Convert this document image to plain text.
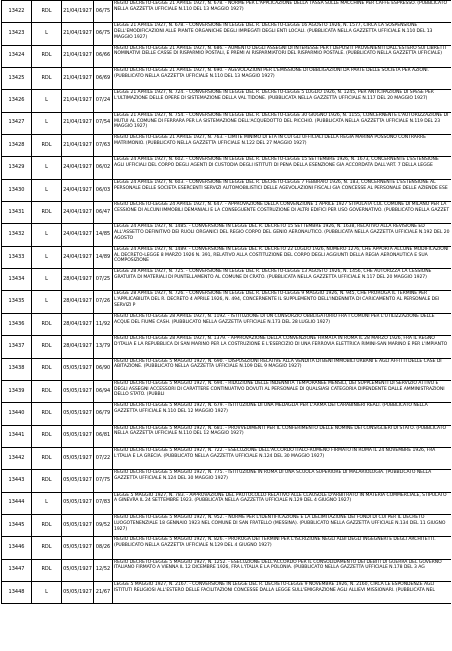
13422	RDL	21/04/1927	06/75	REGIO DECRETO-LEGGE 21 APRILE 1927, N. 678. - NORME PER L'APPLICAZIONE DELLA TASSA SULLE MACCHINE PER CAFFE ESPRESSO. (PUBBLICATO NELLA GAZZETTA UFFICIALE N.110 DEL 13 MAGGIO 1927)
13423	L	21/04/1927	06/75	LEGGE 21 APRILE 1927, N. 678. - CONVERSIONE IN LEGGE DEL R. DECRETO-LEGGE 16 AGOSTO 1926, N. 1577, CIRCA LA SOSPENSIONE DELL'EMODIFICAZIONI ALLE PIANTE ORGANICHE DEGLI IMPIEGATI DEGLI ENTI LOCALI. (PUBBLICATA NELLA GAZZETTA UFFICIALE N.110 DEL 13 MAGGIO 1927)
13424	RDL	21/04/1927	06/66	REGIO DECRETO-LEGGE 21 APRILE 1927, N. 686. - AUMENTO DEGLI ASSEGNI DI INTERESSE PER I DEPOSITI PROVENIENTI DALL'ESTERO SUI LIBRETTI NOMINATIVI DELLE CASSE DI RISPARMIO POSTALI, E PREMI AI RISPARMIATORI DEL RISPARMIO POSTALE. (PUBBLICATO NELLA GAZZETTA UFFICIALE)
13425	RDL	21/04/1927	06/69	REGIO DECRETO-LEGGE 21 APRILE 1927, N. 690. - AGEVOLAZIONI PER L'EMISSIONE DI OBBLIGAZIONI DA PARTE DELLE SOCIETA PER AZIONI. (PUBBLICATO NELLA GAZZETTA UFFICIALE N.110 DEL 13 MAGGIO 1927)
13426	L	21/04/1927	07/24	LEGGE 21 APRILE 1927, N. 724. - CONVERSIONE IN LEGGE DEL R. DECRETO-LEGGE 5 LUGLIO 1926, N. 1245, PER ANTICIPAZIONE DI SPESE PER L'ULTIMAZIONE DELLE OPERE DI SISTEMAZIONE DELLA VAL TIDONE. (PUBBLICATA NELLA GAZZETTA UFFICIALE N.117 DEL 20 MAGGIO 1927)
13427	L	21/04/1927	07/54	LEGGE 21 APRILE 1927, N. 754. - CONVERSIONE IN LEGGE DEL R. DECRETO-LEGGE 30 GIUGNO 1926, N. 1155, CONCERNENTE L'AUTORIZZAZIONE DI MUTUI AL COMUNE DI FERRARA PER LA SISTEMAZIONE DELL'ACQUEDOTTO DEL PICCHIO. (PUBBLICATA NELLA GAZZETTA UFFICIALE N.119 DEL 23 MAGGIO 1927)
13428	RDL	21/04/1927	07/63	REGIO DECRETO-LEGGE 21 APRILE 1927, N. 763. - LIMITE MINIMO DI ETA IN CUI GLI UFFICIALI DELLA REGIA MARINA POSSONO CONTRARRE MATRIMONIO. (PUBBLICATO NELLA GAZZETTA UFFICIALE N.122 DEL 27 MAGGIO 1927)
13429	L	24/04/1927	06/02	LEGGE 24 APRILE 1927, N. 602. - CONVERSIONE IN LEGGE DEL R. DECRETO-LEGGE 15 SETTEMBRE 1926, N. 1673, CONCERNENTE L'ESTENSIONE AGLI UFFICIALI DEL CORPO DEGLI AGENTI DI CUSTODIA DEGLI ISTITUTI DI PENA DELLA ESENZIONE GIA ACCORDATA DALL'ART. 7 DELLA LEGGE
13430	L	24/04/1927	06/03	LEGGE 24 APRILE 1927, N. 603. - CONVERSIONE IN LEGGE DEL R. DECRETO-LEGGE 7 FEBBRAIO 1926, N. 183, CONCERNENTE L'ESTENSIONE AL PERSONALE DELLE SOCIETA ESERCENTI SERVIZI AUTOMOBILISTICI DELLE AGEVOLAZIONI FISCALI GIA CONCESSE AL PERSONALE DELLE AZIENDE ESE
13431	RDL	24/04/1927	06/47	REGIO DECRETO-LEGGE 24 APRILE 1927, N. 647. - APPROVAZIONE DELLA CONVENZIONE 1 APRILE 1927 STIPULATA COL COMUNE DI MILANO PER LA CESSIONE DI ALCUNI IMMOBILI DEMANIALI E LA CONSEGUENTE COSTRUZIONE DI ALTRI EDIFICI PER USO GOVERNATIVO. (PUBBLICATO NELLA GAZZET
13432	L	24/04/1927	14/85	LEGGE 24 APRILE 1927, N. 1485. - CONVERSIONE IN LEGGE DEL R. DECRETO 15 SETTEMBRE 1926, N. 1638, RELATIVO ALLA REVISIONE ED ALL'ASSETTO DEFINITIVO DEI RUOLI ORGANICI DEL REGIO CORPO DEL GENIO AERONAUTICO. (PUBBLICATA NELLA GAZZETTA UFFICIALE N.192 DEL 20 AGOSTO
13433	L	24/04/1927	14/89	LEGGE 24 APRILE 1927, N. 1489. - CONVERSIONE IN LEGGE DEL R. DECRETO 22 LUGLIO 1926, NUMERO 1276, CHE APPORTA ALCUNE MODIFICAZIONI AL DECRETO-LEGGE 8 MARZO 1926 N. 391, RELATIVO ALLA COSTITUZIONE DEL CORPO DEGLI AGGIUNTI DELLA REGIA AERONAUTICA E SUA COMPOSIZIONE
13434	L	28/04/1927	07/25	LEGGE 28 APRILE 1927, N. 725. - CONVERSIONE IN LEGGE DEL R. DECRETO-LEGGE 13 AGOSTO 1926, N. 1456, CHE AUTORIZZA LA CESSIONE GRATUITA DI MATERIALI DI PUNTELLAMENTO AL COMUNE DI CRATO. (PUBBLICATA NELLA GAZZETTA UFFICIALE N.117 DEL 20 MAGGIO 1927)
13435	L	28/04/1927	07/26	LEGGE 28 APRILE 1927, N. 726. - CONVERSIONE IN LEGGE DEL R. DECRETO-LEGGE 9 MAGGIO 1926, N. 945, CHE PROROGA IL TERMINE PER L'APPLICABILITA DEL R. DECRETO 4 APRILE 1926, N. 494, CONCERNENTE IL SUPPLEMENTO DELL'INDENNITA DI CARICAMENTO AL PERSONALE DEI SERVIZI P
13436	RDL	28/04/1927	11/92	REGIO DECRETO-LEGGE 28 APRILE 1927, N. 1192. - ISTITUZIONE DI UN CONSORZIO OBBLIGATORIO FRA I COMUNI PER L'UTILIZZAZIONE DELLE ACQUE DEL FIUME CASH. (PUBBLICATO NELLA GAZZETTA UFFICIALE N.173 DEL 28 LUGLIO 1927)
13437	RDL	28/04/1927	13/79	REGIO DECRETO-LEGGE 28 APRILE 1927, N. 1379. - APPROVAZIONE DELLA CONVENZIONE FIRMATA IN ROMA IL 28 MARZO 1926, FRA IL REGNO D'ITALIA E LA REPUBBLICA DI SAN MARINO PER LA COSTRUZIONE E L'ESERCIZIO DI UNA FERROVIA ELETTRICA RIMINI-SAN MARINO E PER L'IMPIANTO
13438	RDL	05/05/1927	06/90	REGIO DECRETO-LEGGE 5 MAGGIO 1927, N. 690. - DISPOSIZIONI RELATIVE ALLA VENDITA DI BENI IMMOBILI URBANI E AGLI AFFITTI DELLE CASE DI ABITAZIONE. (PUBBLICATO NELLA GAZZETTA UFFICIALE N.109 DEL 9 MAGGIO 1927)
13439	RDL	05/05/1927	06/94	REGIO DECRETO-LEGGE 5 MAGGIO 1927, N. 694. - RIDUZIONE DELLE INDENNITA TEMPORANEE MENSILI, DEI SUPPLEMENTI DI SERVIZIO ATTIVO E DEGLI ASSEGNI ACCESSORI DI CARATTERE CONTINUATIVO DOVUTI AL PERSONALE DI QUALSIASI CATEGORIA DIPENDENTE DALLE AMMINISTRAZIONI DELLO STATO. (PUBBLI
13440	RDL	05/05/1927	06/79	REGIO DECRETO-LEGGE 5 MAGGIO 1927, N. 679. - ISTITUZIONE DI UNA MEDAGLIA PER L'ARMA DEI CARABINIERI REALI. (PUBBLICATO NELLA GAZZETTA UFFICIALE N.110 DEL 12 MAGGIO 1927)
13441	RDL	05/05/1927	06/81	REGIO DECRETO-LEGGE 5 MAGGIO 1927, N. 681. - PROVVEDIMENTI PER IL CONFERIMENTO DELLE NOMINE DEI CONSIGLIERI DI STATO. (PUBBLICATO NELLA GAZZETTA UFFICIALE N.110 DEL 12 MAGGIO 1927)
13442	RDL	05/05/1927	07/22	REGIO DECRETO-LEGGE 5 MAGGIO 1927, N. 722. - ESECUZIONE DELL'ACCORDO ITALO-ROMENO FIRMATO IN ROMA IL 24 NOVEMBRE 1926, FRA L'ITALIA E LA GRECIA. (PUBBLICATO NELLA GAZZETTA UFFICIALE N.124 DEL 30 MAGGIO 1927)
13443	RDL	05/05/1927	07/75	REGIO DECRETO-LEGGE 5 MAGGIO 1927, N. 775. - ISTITUZIONE IN ROMA DI UNA SCUOLA SUPERIORE DI MALARIOLOGIA. (PUBBLICATO NELLA GAZZETTA UFFICIALE N.124 DEL 30 MAGGIO 1927)
13444	L	05/05/1927	07/83	LEGGE 5 MAGGIO 1927, N. 783. - APPROVAZIONE DEL PROTOCOLLO RELATIVO ALLE CLAUSOLE D'ARBITRATO IN MATERIA COMMERCIALE, STIPULATO A GINEVRA IL 24 SETTEMBRE 1923. (PUBBLICATA NELLA GAZZETTA UFFICIALE N.129 DEL 4 GIUGNO 1927)
13445	RDL	05/05/1927	09/52	REGIO DECRETO-LEGGE 5 MAGGIO 1927, N. 952. - NORME PER L'IDENTIFICAZIONE E LA DELIMITAZIONE DEI FONDI DI CUI PER IL DECRETO LUOGOTENENZIALE 18 GENNAIO 1923 NEL COMUNE DI SAN FRATELLO (MESSINA). (PUBBLICATO NELLA GAZZETTA UFFICIALE N.134 DEL 11 GIUGNO 1927)
13446	RDL	05/05/1927	08/26	REGIO DECRETO-LEGGE 5 MAGGIO 1927, N. 826. - PROROGA DEI TERMINI PER L'ISCRIZIONE NEGLI ALBI DEGLI INGEGNERI E DEGLI ARCHITETTI. (PUBBLICATO NELLA GAZZETTA UFFICIALE N.129 DEL 4 GIUGNO 1927)
13447	RDL	05/05/1927	12/52	REGIO DECRETO-LEGGE 5 MAGGIO 1927, N. 1252. - ESECUZIONE DELL'ACCORDO PER IL CONSOLIDAMENTO DEI DEBITI DI GUERRA DEL GOVERNO ITALIANO FIRMATO A VIENNA IL 12 DICEMBRE 1926, FRA L'ITALIA E LA POLONIA. (PUBBLICATO NELLA GAZZETTA UFFICIALE N.178 DEL 3 AG
13448	L	05/05/1927	21/67	LEGGE 5 MAGGIO 1927, N. 2167. - CONVERSIONE IN LEGGE DEL R. DECRETO-LEGGE 9 NOVEMBRE 1926, N. 2160, CIRCA LE ESPONDENZE AGLI ISTITUTI RELIGIOSI ALL'ESTERO DELLE FACILITAZIONI CONCESSE DALLA LEGGE SULL'EMIGRAZIONE AGLI ALLIEVI MISSIONARI. (PUBBLICATA NEL
